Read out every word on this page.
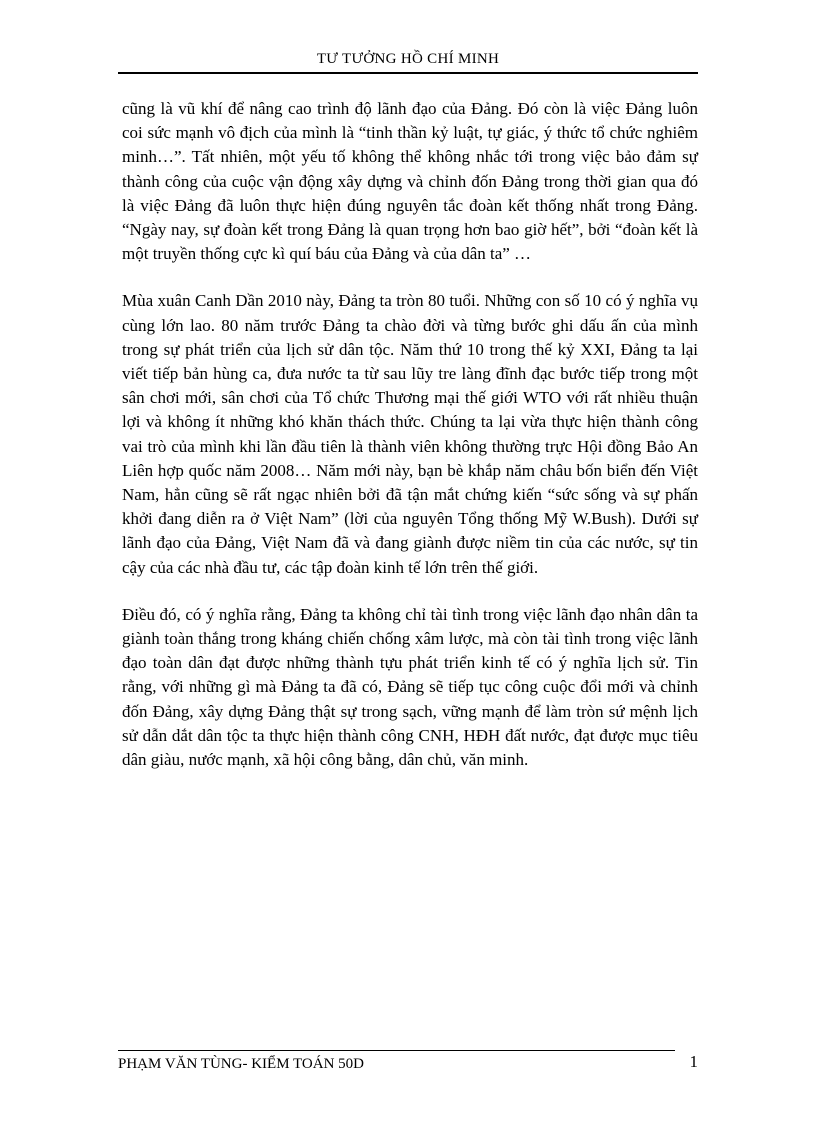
TƯ TƯỞNG HỒ CHÍ MINH

cũng là vũ khí để nâng cao trình độ lãnh đạo của Đảng. Đó còn là việc Đảng luôn coi sức mạnh vô địch của mình là “tinh thần kỷ luật, tự giác, ý thức tổ chức nghiêm minh…”. Tất nhiên, một yếu tố không thể không nhắc tới trong việc bảo đảm sự thành công của cuộc vận động xây dựng và chỉnh đốn Đảng trong thời gian qua đó là việc Đảng đã luôn thực hiện đúng nguyên tắc đoàn kết thống nhất trong Đảng. “Ngày nay, sự đoàn kết trong Đảng là quan trọng hơn bao giờ hết”, bởi “đoàn kết là một truyền thống cực kì quí báu của Đảng và của dân ta” …

Mùa xuân Canh Dần 2010 này, Đảng ta tròn 80 tuổi. Những con số 10 có ý nghĩa vụ cùng lớn lao. 80 năm trước Đảng ta chào đời và từng bước ghi dấu ấn của mình trong sự phát triển của lịch sử dân tộc. Năm thứ 10 trong thế kỷ XXI, Đảng ta lại viết tiếp bản hùng ca, đưa nước ta từ sau lũy tre làng đĩnh đạc bước tiếp trong một sân chơi mới, sân chơi của Tổ chức Thương mại thế giới WTO với rất nhiều thuận lợi và không ít những khó khăn thách thức. Chúng ta lại vừa thực hiện thành công vai trò của mình khi lần đầu tiên là thành viên không thường trực Hội đồng Bảo An Liên hợp quốc năm 2008… Năm mới này, bạn bè khắp năm châu bốn biển đến Việt Nam, hẳn cũng sẽ rất ngạc nhiên bởi đã tận mắt chứng kiến “sức sống và sự phấn khởi đang diễn ra ở Việt Nam” (lời của nguyên Tổng thống Mỹ W.Bush). Dưới sự lãnh đạo của Đảng, Việt Nam đã và đang giành được niềm tin của các nước, sự tin cậy của các nhà đầu tư, các tập đoàn kinh tế lớn trên thế giới.

Điều đó, có ý nghĩa rằng, Đảng ta không chỉ tài tình trong việc lãnh đạo nhân dân ta giành toàn thắng trong kháng chiến chống xâm lược, mà còn tài tình trong việc lãnh đạo toàn dân đạt được những thành tựu phát triển kinh tế có ý nghĩa lịch sử. Tin rằng, với những gì mà Đảng ta đã có, Đảng sẽ tiếp tục công cuộc đổi mới và chỉnh đốn Đảng, xây dựng Đảng thật sự trong sạch, vững mạnh để làm tròn sứ mệnh lịch sử dẫn dắt dân tộc ta thực hiện thành công CNH, HĐH đất nước, đạt được mục tiêu dân giàu, nước mạnh, xã hội công bằng, dân chủ, văn minh.

PHẠM VĂN TÙNG- KIỂM TOÁN 50D	1
